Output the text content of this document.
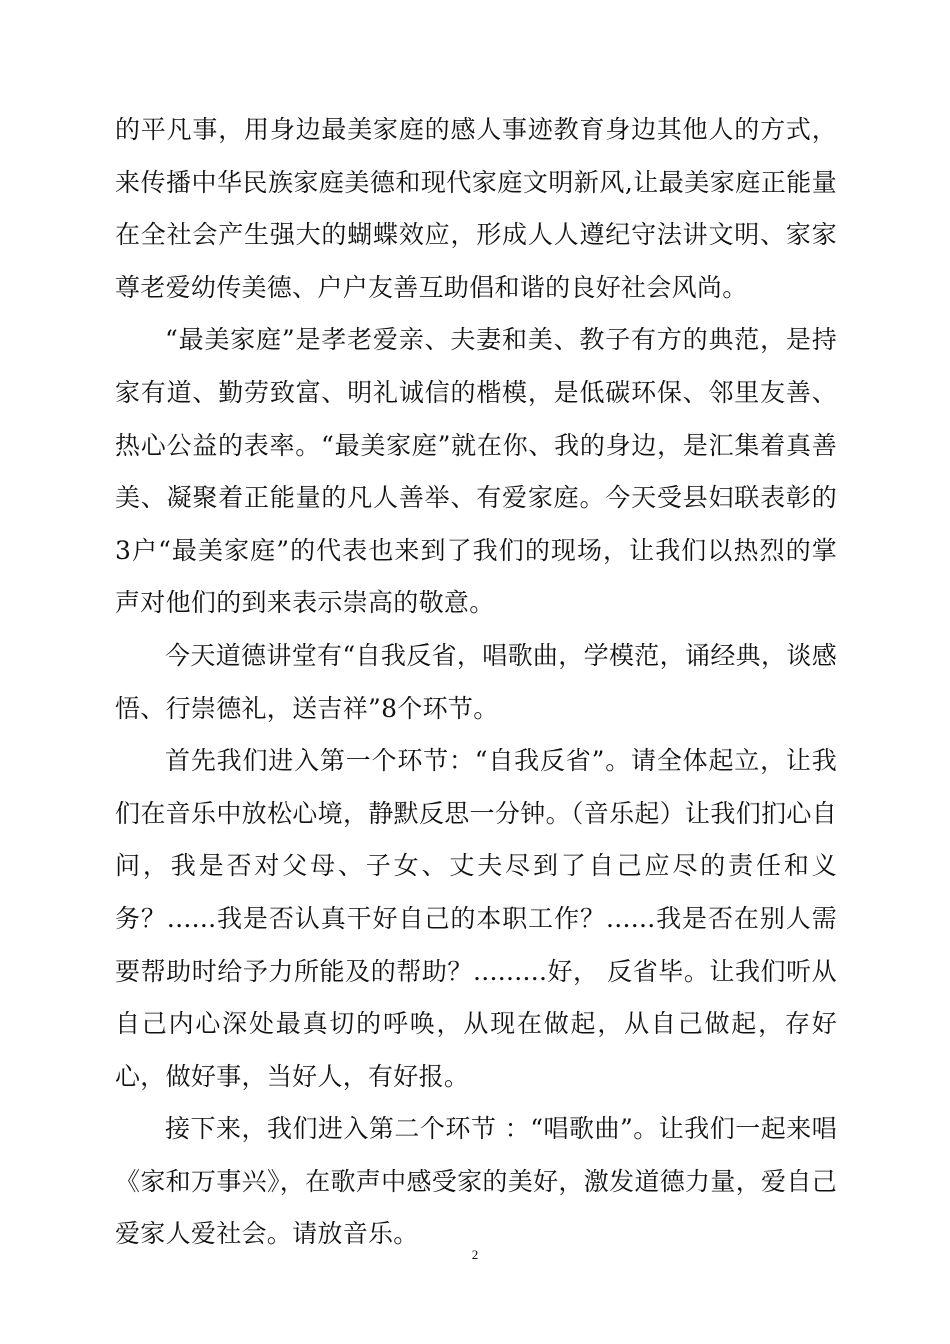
的平凡事，用身边最美家庭的感人事迹教育身边其他人的方式，来传播中华民族家庭美德和现代家庭文明新风,让最美家庭正能量在全社会产生强大的蝴蝶效应，形成人人遵纪守法讲文明、家家尊老爱幼传美德、户户友善互助倡和谐的良好社会风尚。

“最美家庭”是孝老爱亲、夫妻和美、教子有方的典范，是持家有道、勤劳致富、明礼诚信的楷模，是低碳环保、邻里友善、热心公益的表率。“最美家庭”就在你、我的身边，是汇集着真善美、凝聚着正能量的凡人善举、有爱家庭。今天受县妇联表彰的3户“最美家庭”的代表也来到了我们的现场，让我们以热烈的掌声对他们的到来表示崇高的敬意。

今天道德讲堂有“自我反省，唱歌曲，学模范，诵经典，谈感悟、行崇德礼，送吉祥”8个环节。

首先我们进入第一个环节：“自我反省”。请全体起立，让我们在音乐中放松心境，静默反思一分钟。（音乐起）让我们扪心自问，我是否对父母、子女、丈夫尽到了自己应尽的责任和义务？......我是否认真干好自己的本职工作？......我是否在别人需要帮助时给予力所能及的帮助？.........好， 反省毕。让我们听从自己内心深处最真切的呼唤，从现在做起，从自己做起，存好心，做好事，当好人，有好报。

接下来，我们进入第二个环节 ：“唱歌曲”。让我们一起来唱《家和万事兴》，在歌声中感受家的美好，激发道德力量，爱自己爱家人爱社会。请放音乐。

2
